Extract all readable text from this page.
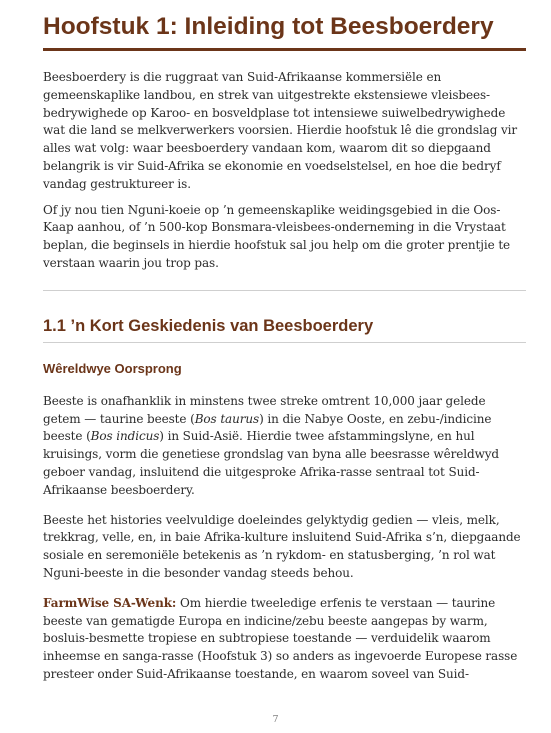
Hoofstuk 1: Inleiding tot Beesboerdery

Beesboerdery is die ruggraat van Suid-Afrikaanse kommersiële en gemeenskaplike landbou, en strek van uitgestrekte ekstensiewe vleisbees-bedrywighede op Karoo- en bosveldplase tot intensiewe suiwelbedrywighede wat die land se melkverwerkers voorsien. Hierdie hoofstuk lê die grondslag vir alles wat volg: waar beesboerdery vandaan kom, waarom dit so diepgaand belangrik is vir Suid-Afrika se ekonomie en voedselstelsel, en hoe die bedryf vandag gestruktureer is.

Of jy nou tien Nguni-koeie op ’n gemeenskaplike weidingsgebied in die Oos-Kaap aanhou, of ’n 500-kop Bonsmara-vleisbees-onderneming in die Vrystaat beplan, die beginsels in hierdie hoofstuk sal jou help om die groter prentjie te verstaan waarin jou trop pas.

1.1 ’n Kort Geskiedenis van Beesboerdery
Wêreldwye Oorsprong

Beeste is onafhanklik in minstens twee streke omtrent 10,000 jaar gelede getem — taurine beeste (Bos taurus) in die Nabye Ooste, en zebu-/indicine beeste (Bos indicus) in Suid-Asië. Hierdie twee afstammingslyne, en hul kruisings, vorm die genetiese grondslag van byna alle beesrasse wêreldwyd geboer vandag, insluitend die uitgesproke Afrika-rasse sentraal tot Suid-Afrikaanse beesboerdery.

Beeste het histories veelvuldige doeleindes gelyktydig gedien — vleis, melk, trekkrag, velle, en, in baie Afrika-kulture insluitend Suid-Afrika s’n, diepgaande sosiale en seremoniële betekenis as ’n rykdom- en statusberging, ’n rol wat Nguni-beeste in die besonder vandag steeds behou.

FarmWise SA-Wenk: Om hierdie tweeledige erfenis te verstaan — taurine beeste van gematigde Europa en indicine/zebu beeste aangepas by warm, bosluis-besmette tropiese en subtropiese toestande — verduidelik waarom inheemse en sanga-rasse (Hoofstuk 3) so anders as ingevoerde Europese rasse presteer onder Suid-Afrikaanse toestande, en waarom soveel van Suid-

7
